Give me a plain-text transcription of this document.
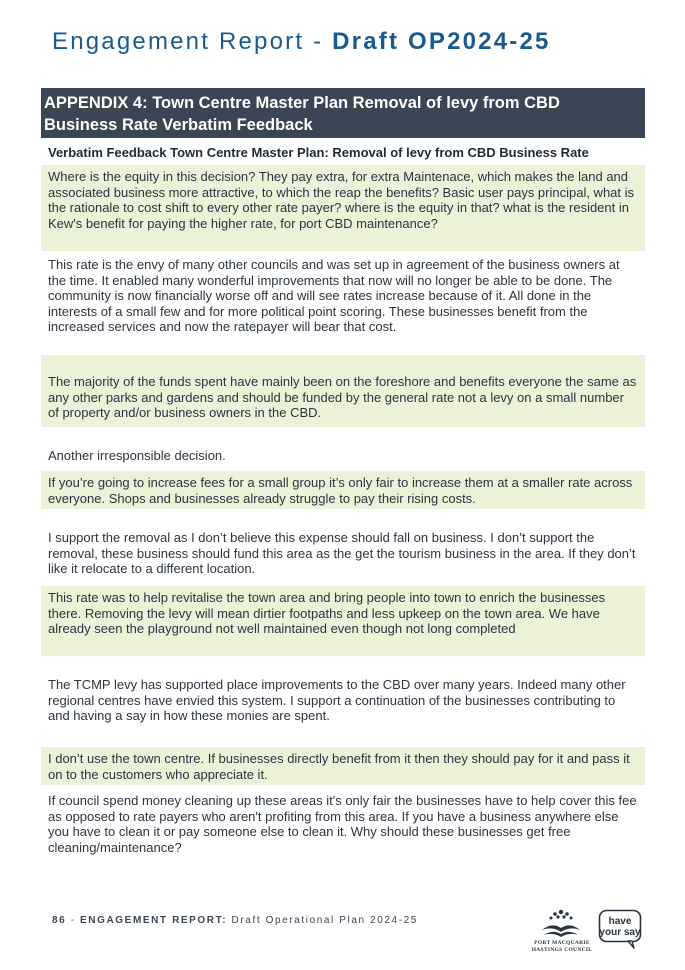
Engagement Report - Draft OP2024-25
APPENDIX 4: Town Centre Master Plan Removal of levy from CBD
Business Rate Verbatim Feedback
Verbatim Feedback Town Centre Master Plan: Removal of levy from CBD Business Rate
Where is the equity in this decision? They pay extra, for extra Maintenace, which makes the land and associated business more attractive, to which the reap the benefits? Basic user pays principal, what is the rationale to cost shift to every other rate payer? where is the equity in that? what is the resident in Kew's benefit for paying the higher rate, for port CBD maintenance?
This rate is the envy of many other councils and was set up in agreement of the business owners at the time. It enabled many wonderful improvements that now will no longer be able to be done. The community is now financially worse off and will see rates increase because of it. All done in the interests of a small few and for more political point scoring. These businesses benefit from the increased services and now the ratepayer will bear that cost.
The majority of the funds spent have mainly been on the foreshore and benefits everyone the same as any other parks and gardens and should be funded by the general rate not a levy on a small number of property and/or business owners in the CBD.
Another irresponsible decision.
If you’re going to increase fees for a small group it’s only fair to increase them at a smaller rate across everyone. Shops and businesses already struggle to pay their rising costs.
I support the removal as I don’t believe this expense should fall on business. I don’t support the removal, these business should fund this area as the get the tourism business in the area. If they don’t like it relocate to a different location.
This rate was to help revitalise the town area and bring people into town to enrich the businesses there. Removing the levy will mean dirtier footpaths and less upkeep on the town area. We have already seen the playground not well maintained even though not long completed
The TCMP levy has supported place improvements to the CBD over many years. Indeed many other regional centres have envied this system. I support a continuation of the businesses contributing to and having a say in how these monies are spent.
I don’t use the town centre. If businesses directly benefit from it then they should pay for it and pass it on to the customers who appreciate it.
If council spend money cleaning up these areas it's only fair the businesses have to help cover this fee as opposed to rate payers who aren't profiting from this area. If you have a business anywhere else you have to clean it or pay someone else to clean it. Why should these businesses get free cleaning/maintenance?
86 - ENGAGEMENT REPORT: Draft Operational Plan 2024-25
PORT MACQUARIE
HASTINGS COUNCIL
have
your say
